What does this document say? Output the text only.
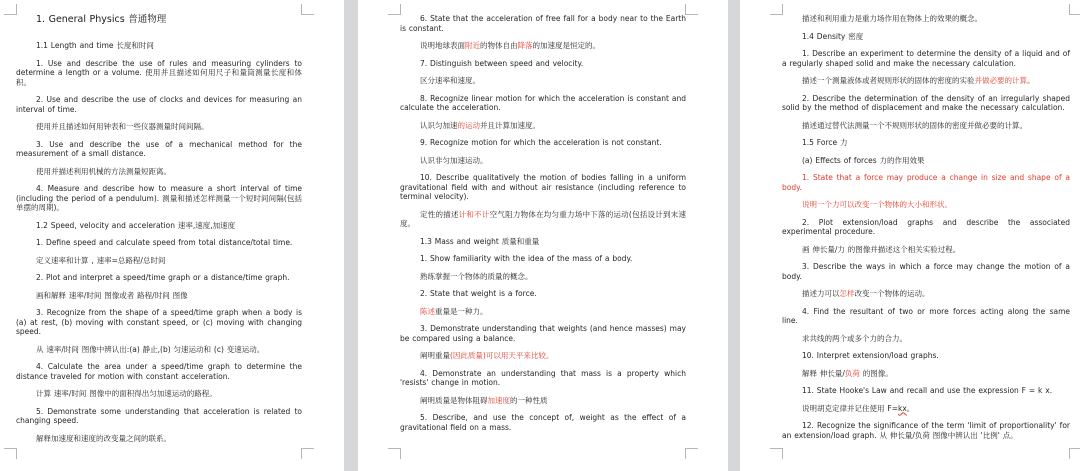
1. General Physics 普通物理

1.1 Length and time 长度和时间

1. Use and describe the use of rules and measuring cylinders to determine a length or a volume. 使用并且描述如何用尺子和量筒测量长度和体积。

2. Use and describe the use of clocks and devices for measuring an interval of time.

使用并且描述如何用钟表和一些仪器测量时间间隔。

3. Use and describe the use of a mechanical method for the measurement of a small distance.

使用并描述利用机械的方法测量短距离。

4. Measure and describe how to measure a short interval of time (including the period of a pendulum). 测量和描述怎样测量一个短时间间隔(包括单摆的周期)。

1.2 Speed, velocity and acceleration 速率,速度,加速度

1. Define speed and calculate speed from total distance/total time.

定义速率和计算 , 速率=总路程/总时间

2. Plot and interpret a speed/time graph or a distance/time graph.

画和解释 速率/时间 图像或者 路程/时间 图像

3. Recognize from the shape of a speed/time graph when a body is (a) at rest, (b) moving with constant speed, or (c) moving with changing speed.

从 速率/时间 图像中辨认出:(a) 静止,(b) 匀速运动和 (c) 变速运动。

4. Calculate the area under a speed/time graph to determine the distance traveled for motion with constant acceleration.

计算 速率/时间 图像中的面积得出匀加速运动的路程。

5. Demonstrate some understanding that acceleration is related to changing speed.

解释加速度和速度的改变量之间的联系。

6. State that the acceleration of free fall for a body near to the Earth is constant.

说明地球表面附近的物体自由降落的加速度是恒定的。

7. Distinguish between speed and velocity.

区分速率和速度。

8. Recognize linear motion for which the acceleration is constant and calculate the acceleration.

认识匀加速的运动并且计算加速度。

9. Recognize motion for which the acceleration is not constant.

认识非匀加速运动。

10. Describe qualitatively the motion of bodies falling in a uniform gravitational field with and without air resistance (including reference to terminal velocity).

定性的描述计和不计空气阻力物体在均匀重力场中下落的运动(包括设计到末速度。

1.3 Mass and weight 质量和重量

1. Show familiarity with the idea of the mass of a body.

熟练掌握一个物体的质量的概念。

2. State that weight is a force.

陈述重量是一种力。

3. Demonstrate understanding that weights (and hence masses) may be compared using a balance.

阐明重量(因此质量)可以用天平来比较。

4. Demonstrate an understanding that mass is a property which 'resists' change in motion.

阐明质量是物体阻碍加速度的一种性质

5. Describe, and use the concept of, weight as the effect of a gravitational field on a mass.

描述和利用重力是重力场作用在物体上的效果的概念。

1.4 Density 密度

1. Describe an experiment to determine the density of a liquid and of a regularly shaped solid and make the necessary calculation.

描述一个测量液体或者规则形状的固体的密度的实验并做必要的计算。

2. Describe the determination of the density of an irregularly shaped solid by the method of displacement and make the necessary calculation.

描述通过替代法测量一个不规则形状的固体的密度并做必要的计算。

1.5 Force 力

(a) Effects of forces 力的作用效果

1. State that a force may produce a change in size and shape of a body.

说明一个力可以改变一个物体的大小和形状。

2. Plot extension/load graphs and describe the associated experimental procedure.

画 伸长量/力 的图像并描述这个相关实验过程。

3. Describe the ways in which a force may change the motion of a body.

描述力可以怎样改变一个物体的运动。

4. Find the resultant of two or more forces acting along the same line.

求共线的两个或多个力的合力。

10. Interpret extension/load graphs.

解释 伸长量/负荷 的图像。

11. State Hooke's Law and recall and use the expression F = k x.

说明胡克定律并记住使用 F=kx。

12. Recognize the significance of the term 'limit of proportionality' for an extension/load graph. 从 伸长量/负荷 图像中辨认出 '比例' 点。
